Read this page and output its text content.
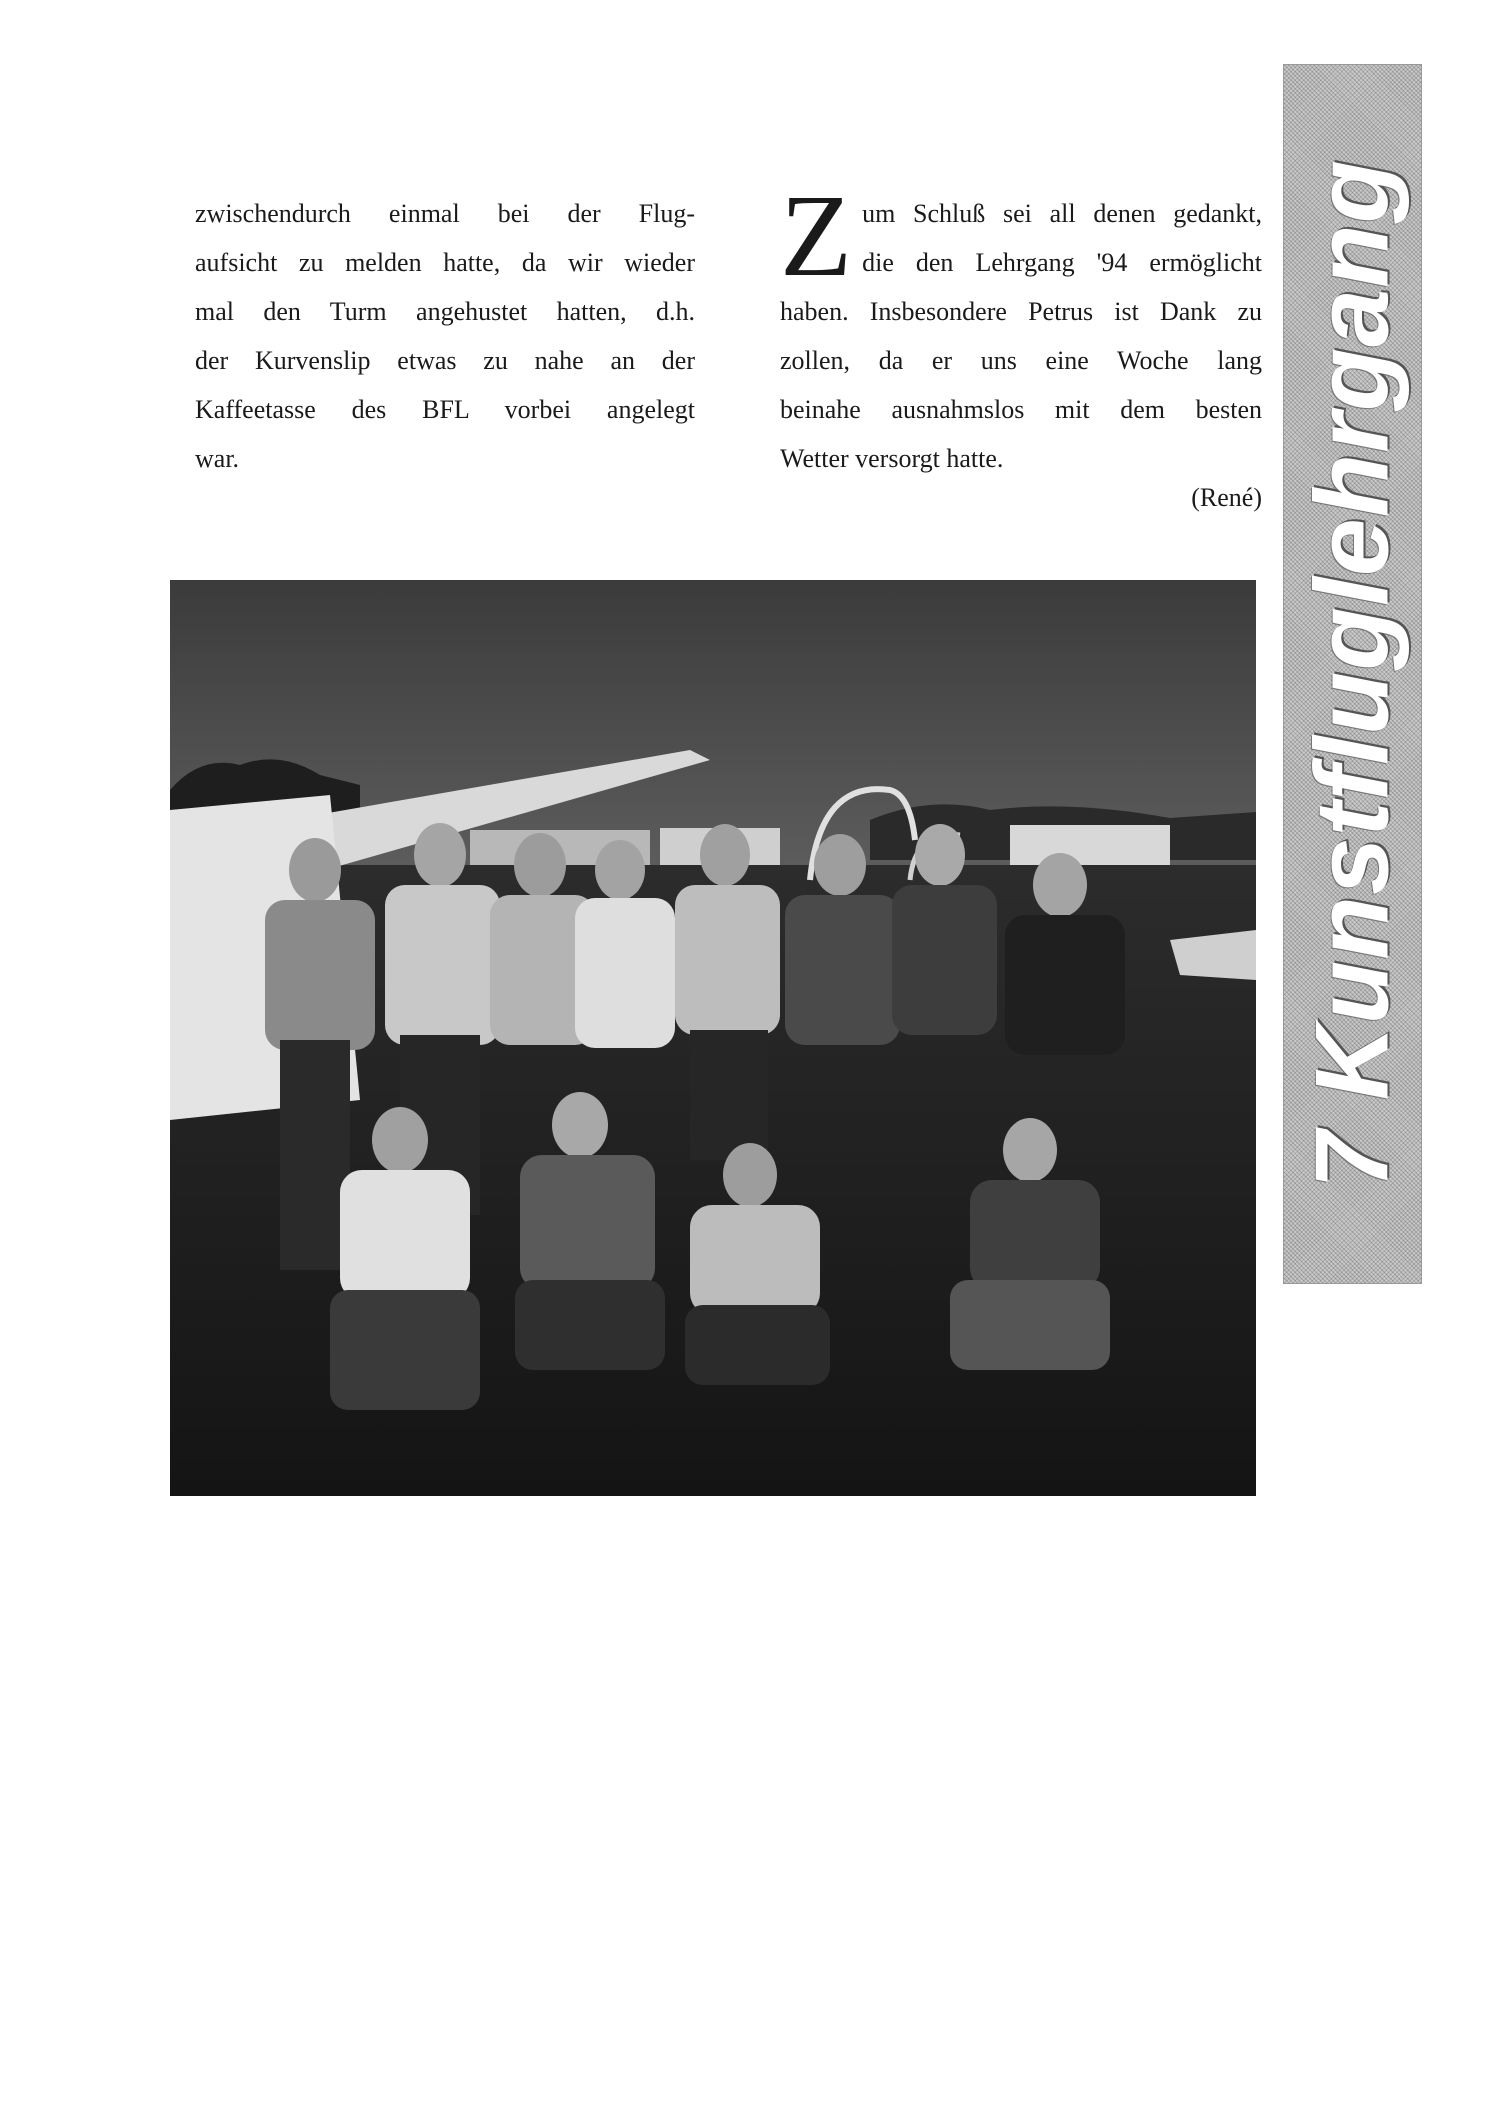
zwischendurch einmal bei der Flug-

aufsicht zu melden hatte, da wir wieder

mal den Turm angehustet hatten, d.h.

der Kurvenslip etwas zu nahe an der

Kaffeetasse des BFL vorbei angelegt

war.

Z um Schluß sei all denen gedankt,

die den Lehrgang '94 ermöglicht

haben. Insbesondere Petrus ist Dank zu

zollen, da er uns eine Woche lang

beinahe ausnahmslos mit dem besten

Wetter versorgt hatte.

(René) 7 Kunstfluglehrgang
